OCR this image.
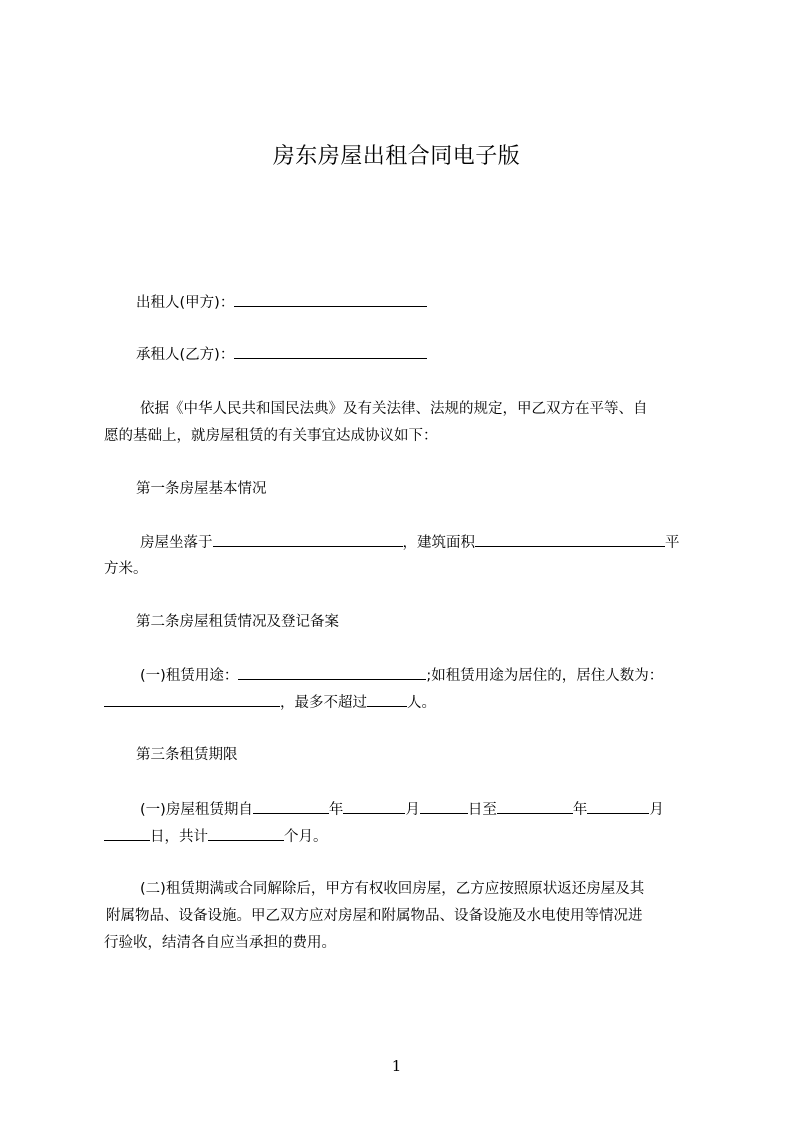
房东房屋出租合同电子版
出租人(甲方)：
承租人(乙方)：
依据《中华人民共和国民法典》及有关法律、法规的规定，甲乙双方在平等、自
愿的基础上，就房屋租赁的有关事宜达成协议如下：
第一条房屋基本情况
房屋坐落于	，建筑面积	平
方米。
第二条房屋租赁情况及登记备案
(一)租赁用途：	;如租赁用途为居住的，居住人数为：
，最多不超过	人。
第三条租赁期限
(一)房屋租赁期自	年	月	日至	年	月
日，共计	个月。
(二)租赁期满或合同解除后，甲方有权收回房屋，乙方应按照原状返还房屋及其
附属物品、设备设施。甲乙双方应对房屋和附属物品、设备设施及水电使用等情况进
行验收，结清各自应当承担的费用。
1
